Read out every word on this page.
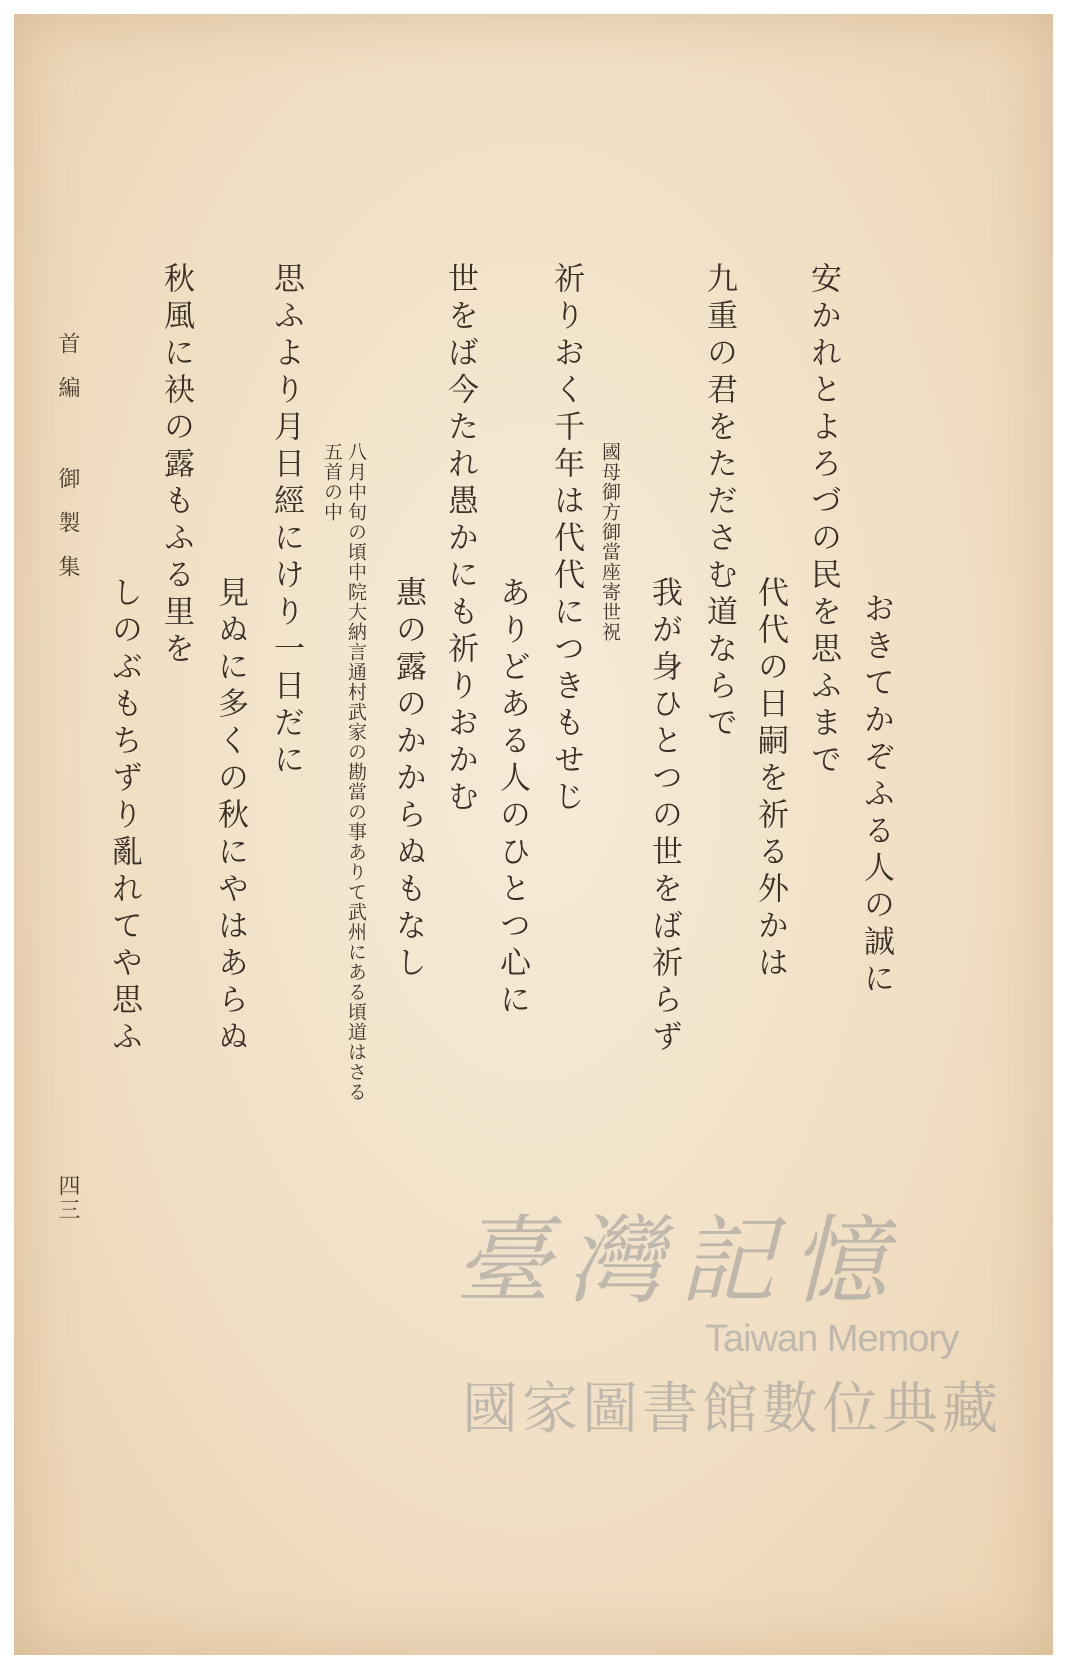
おきてかぞふる人の誠に
安かれとよろづの民を思ふまで
代代の日嗣を祈る外かは
九重の君をたださむ道ならで
我が身ひとつの世をば祈らず
國母御方御當座寄世祝
祈りおく千年は代代につきもせじ
ありどある人のひとつ心に
世をば今たれ愚かにも祈りおかむ
惠の露のかからぬもなし
八月中旬の頃中院大納言通村武家の勘當の事ありて武州にある頃道はさる
五首の中
思ふより月日經にけり一日だに
見ぬに多くの秋にやはあらぬ
秋風に袂の露もふる里を
しのぶもちずり亂れてや思ふ
首編 御製集
四三
臺灣記憶
Taiwan Memory
國家圖書館數位典藏
